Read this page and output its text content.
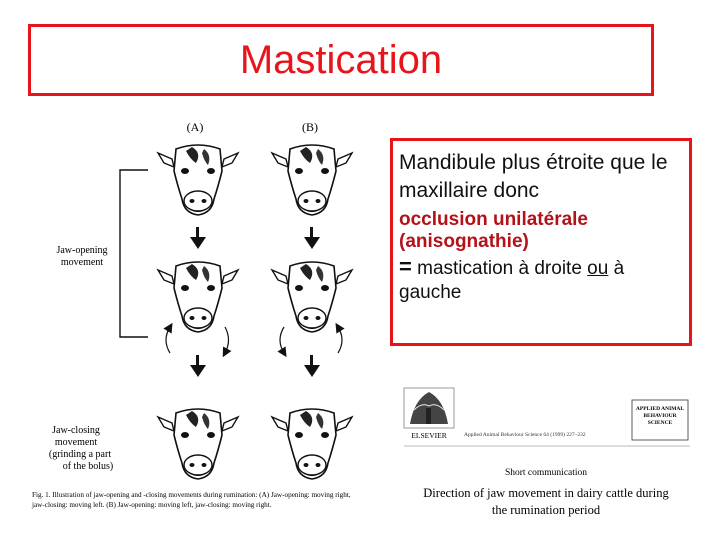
Mastication
(A)	(B)
Jaw-opening
movement
Jaw-closing
movement
(grinding a part
of the bolus)
Fig. 1. Illustration of jaw-opening and -closing movements during rumination: (A) Jaw-opening: moving right,
jaw-closing: moving left. (B) Jaw-opening: moving left, jaw-closing: moving right.
Mandibule plus étroite que le maxillaire donc
occlusion unilatérale (anisognathie)
= mastication à droite ou à gauche
ELSEVIER	Applied Animal Behaviour Science 64 (1999) 227–232
APPLIED ANIMAL
BEHAVIOUR
SCIENCE
Short communication
Direction of jaw movement in dairy cattle during
the rumination period
